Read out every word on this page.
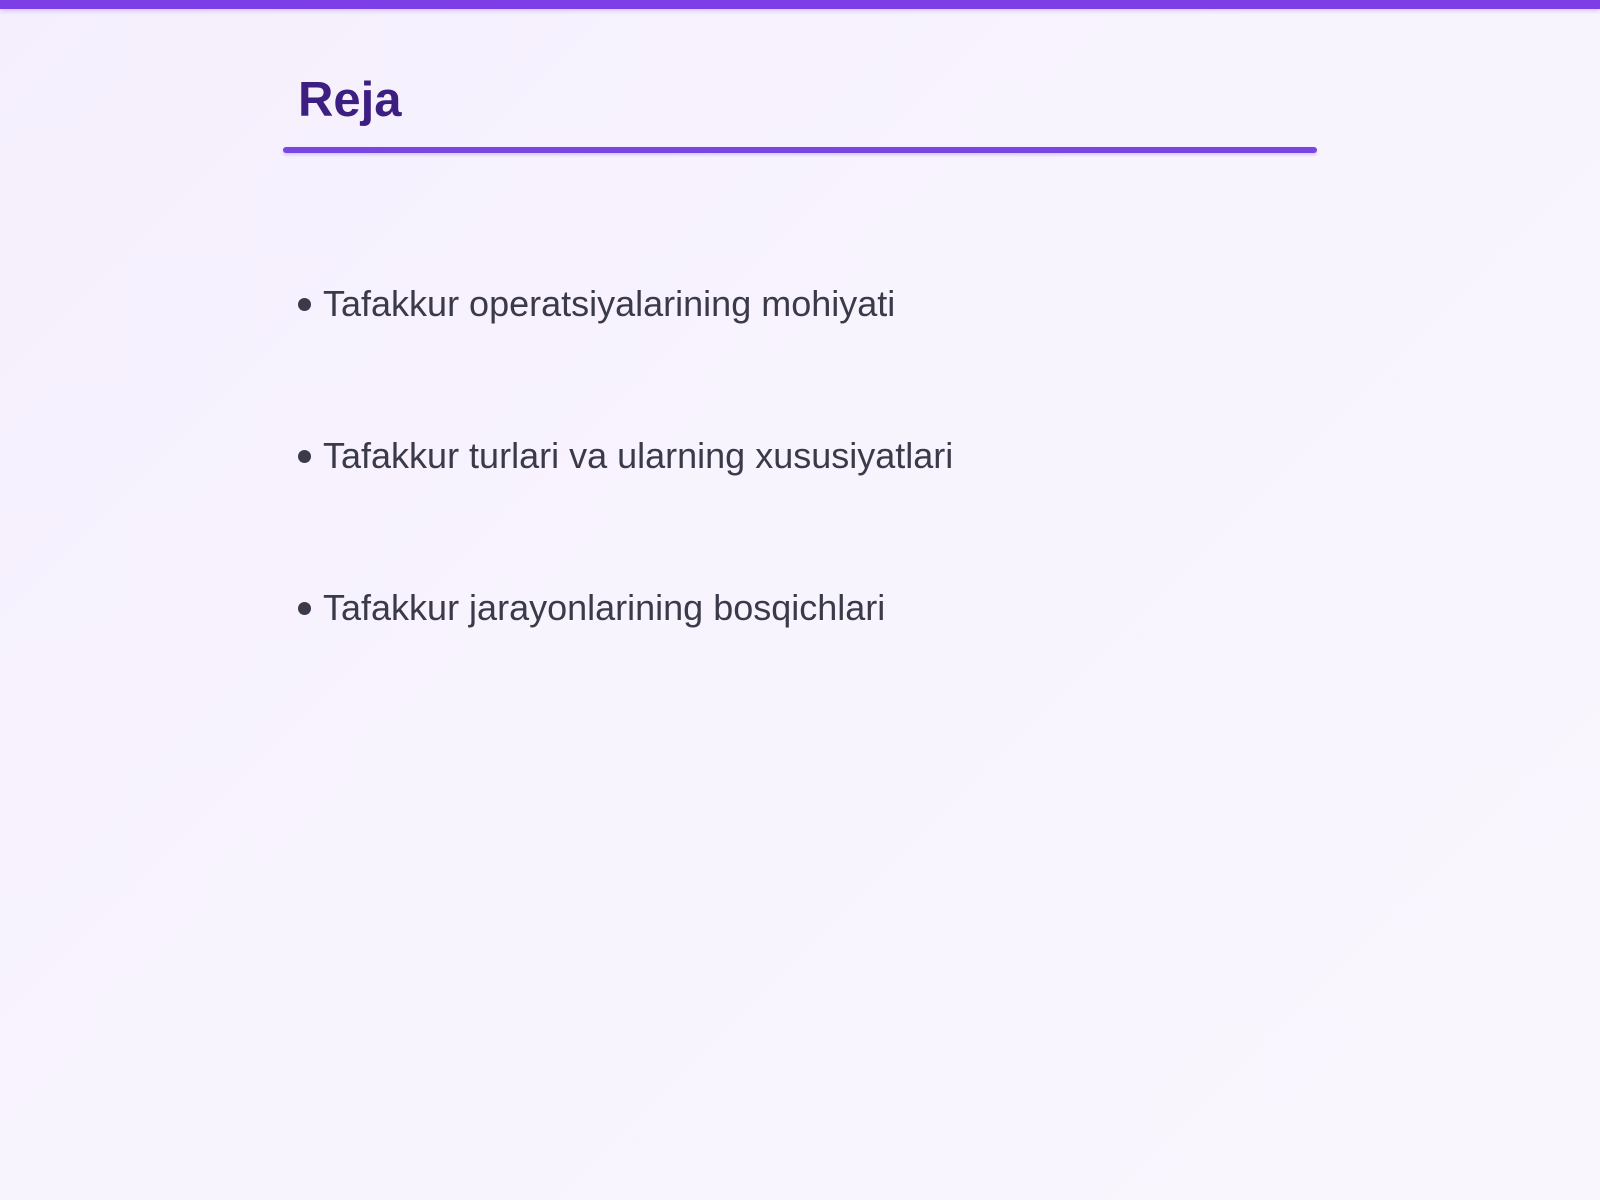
Reja
Tafakkur operatsiyalarining mohiyati
Tafakkur turlari va ularning xususiyatlari
Tafakkur jarayonlarining bosqichlari
